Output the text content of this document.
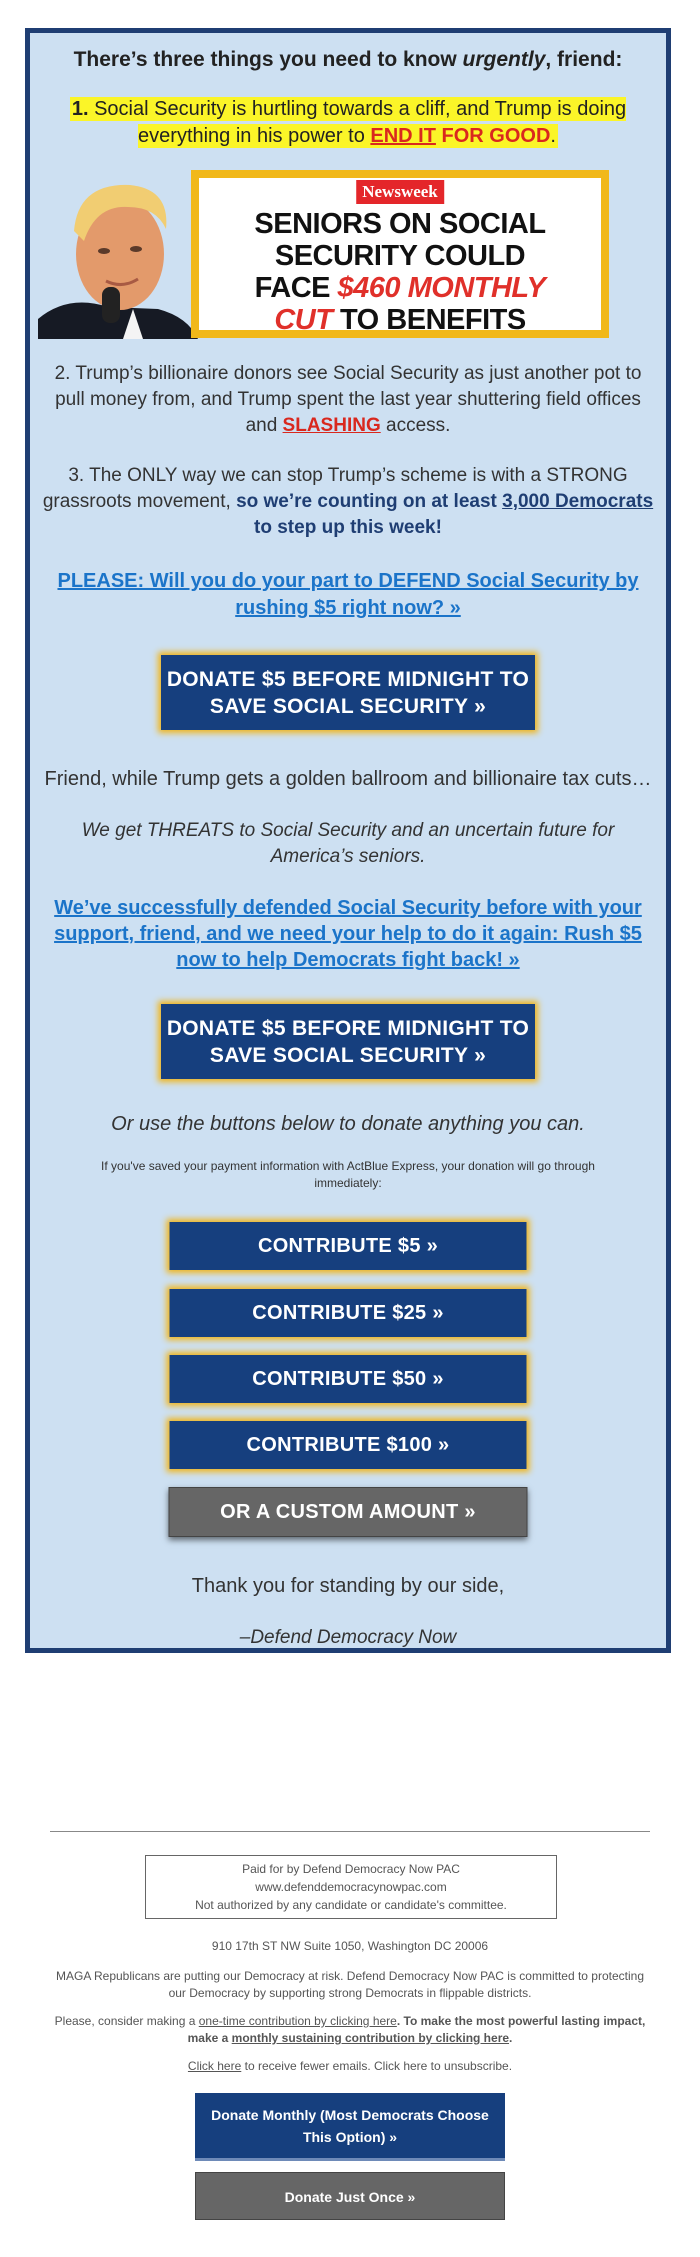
There’s three things you need to know urgently, friend:
1. Social Security is hurtling towards a cliff, and Trump is doing everything in his power to END IT FOR GOOD.
Newsweek
SENIORS ON SOCIAL
SECURITY COULD
FACE $460 MONTHLY
CUT TO BENEFITS
2. Trump’s billionaire donors see Social Security as just another pot to pull money from, and Trump spent the last year shuttering field offices and SLASHING access.
3. The ONLY way we can stop Trump’s scheme is with a STRONG grassroots movement, so we’re counting on at least 3,000 Democrats to step up this week!
PLEASE: Will you do your part to DEFEND Social Security by rushing $5 right now? »
DONATE $5 BEFORE MIDNIGHT TO SAVE SOCIAL SECURITY »
Friend, while Trump gets a golden ballroom and billionaire tax cuts…
We get THREATS to Social Security and an uncertain future for America’s seniors.
We’ve successfully defended Social Security before with your support, friend, and we need your help to do it again: Rush $5 now to help Democrats fight back! »
DONATE $5 BEFORE MIDNIGHT TO SAVE SOCIAL SECURITY »
Or use the buttons below to donate anything you can.
If you've saved your payment information with ActBlue Express, your donation will go through immediately:
CONTRIBUTE $5 »
CONTRIBUTE $25 »
CONTRIBUTE $50 »
CONTRIBUTE $100 »
OR A CUSTOM AMOUNT »
Thank you for standing by our side,
–Defend Democracy Now
Paid for by Defend Democracy Now PAC
www.defenddemocracynowpac.com
Not authorized by any candidate or candidate's committee.
910 17th ST NW Suite 1050, Washington DC 20006
MAGA Republicans are putting our Democracy at risk. Defend Democracy Now PAC is committed to protecting our Democracy by supporting strong Democrats in flippable districts.
Please, consider making a one-time contribution by clicking here. To make the most powerful lasting impact, make a monthly sustaining contribution by clicking here.
Click here to receive fewer emails. Click here to unsubscribe.
Donate Monthly (Most Democrats Choose This Option) »
Donate Just Once »
